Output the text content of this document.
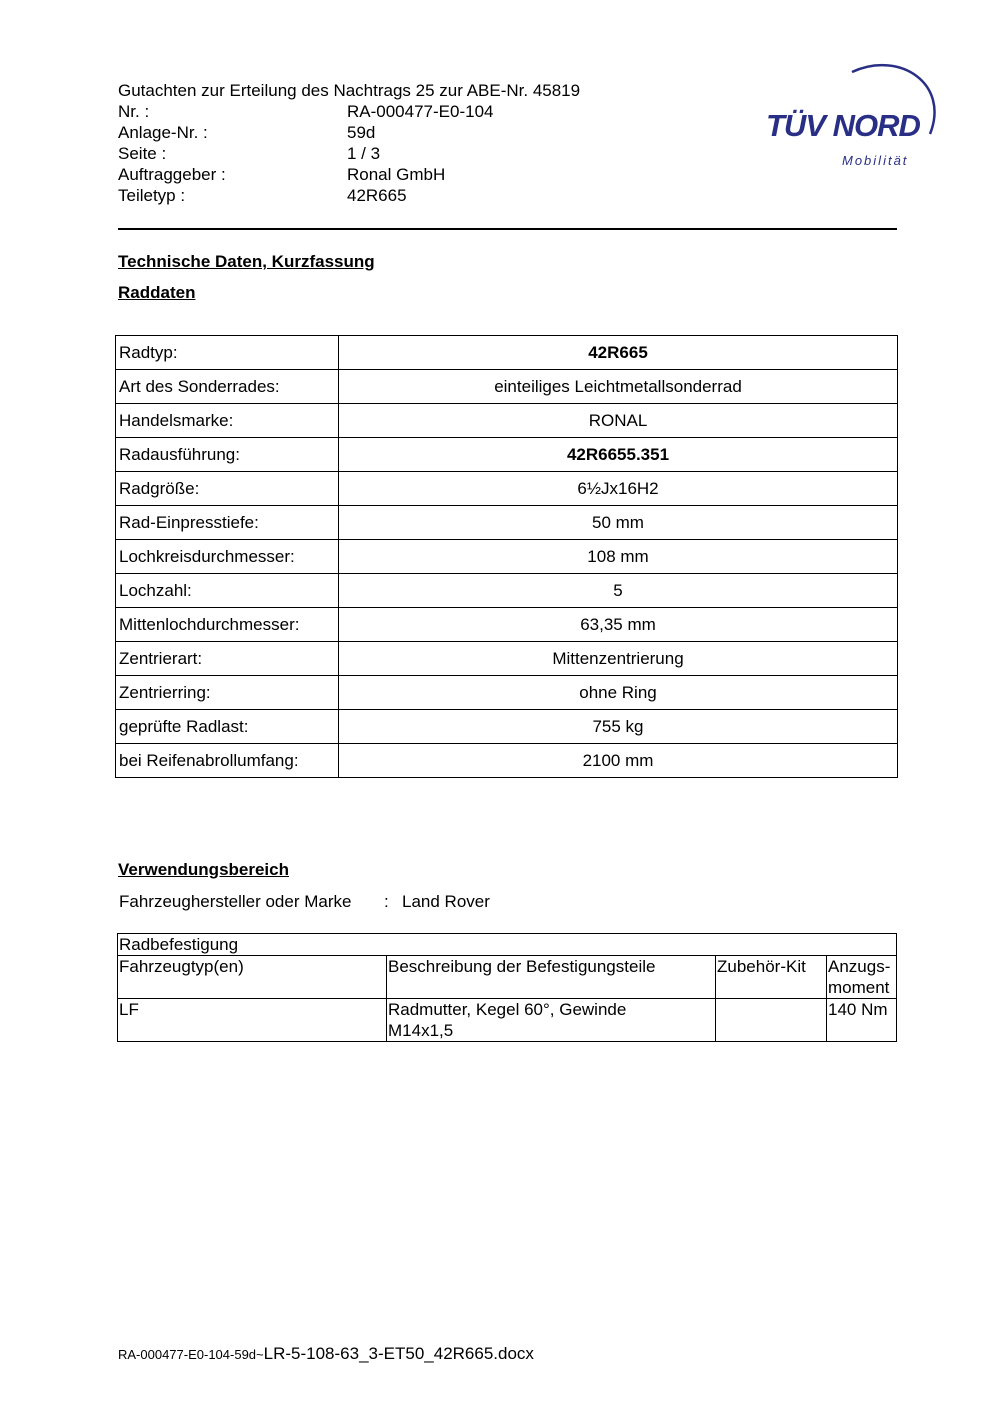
Gutachten zur Erteilung des Nachtrags 25 zur ABE-Nr. 45819
Nr. :	RA-000477-E0-104
Anlage-Nr. :	59d
Seite :	1 / 3
Auftraggeber :	Ronal GmbH
Teiletyp :	42R665
TÜV NORD
Mobilität
Technische Daten, Kurzfassung
Raddaten
Radtyp:	42R665
Art des Sonderrades:	einteiliges Leichtmetallsonderrad
Handelsmarke:	RONAL
Radausführung:	42R6655.351
Radgröße:	6½Jx16H2
Rad-Einpresstiefe:	50 mm
Lochkreisdurchmesser:	108 mm
Lochzahl:	5
Mittenlochdurchmesser:	63,35 mm
Zentrierart:	Mittenzentrierung
Zentrierring:	ohne Ring
geprüfte Radlast:	755 kg
bei Reifenabrollumfang:	2100 mm
Verwendungsbereich
Fahrzeughersteller oder Marke : Land Rover
Radbefestigung			
Fahrzeugtyp(en)	Beschreibung der Befestigungsteile	Zubehör-Kit	Anzugs-
moment
LF	Radmutter, Kegel 60°, Gewinde
M14x1,5		140 Nm
RA-000477-E0-104-59d~LR-5-108-63_3-ET50_42R665.docx
